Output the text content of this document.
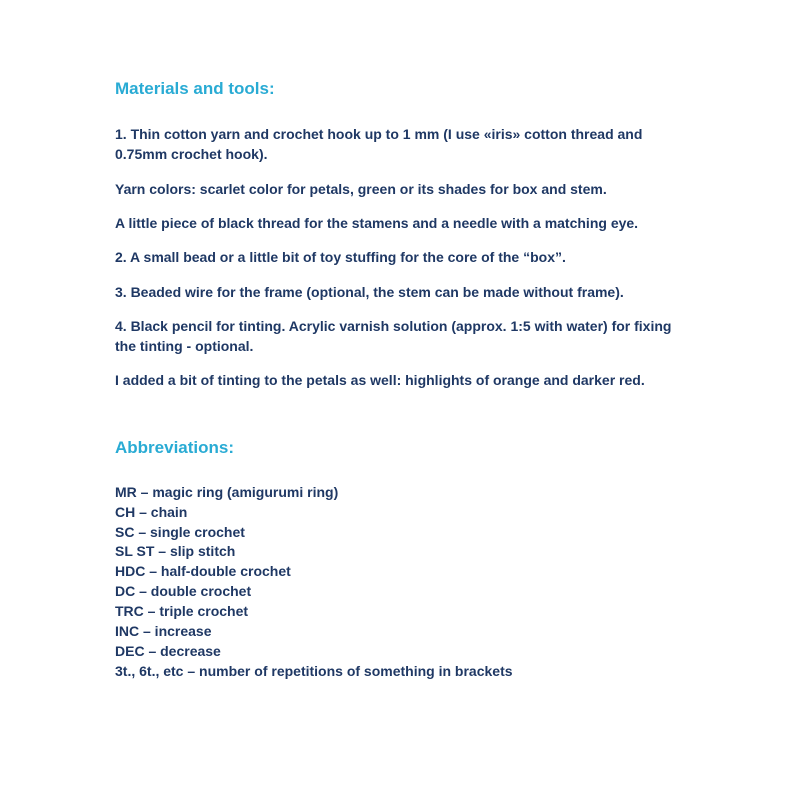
Materials and tools:

1. Thin cotton yarn and crochet hook up to 1 mm (I use «iris» cotton thread and 0.75mm crochet hook).

Yarn colors: scarlet color for petals, green or its shades for box and stem.

A little piece of black thread for the stamens and a needle with a matching eye.

2. A small bead or a little bit of toy stuffing for the core of the “box”.

3. Beaded wire for the frame (optional, the stem can be made without frame).

4. Black pencil for tinting. Acrylic varnish solution (approx. 1:5 with water) for fixing the tinting - optional.

I added a bit of tinting to the petals as well: highlights of orange and darker red.

Abbreviations:
MR – magic ring (amigurumi ring)
CH – chain
SC – single crochet
SL ST – slip stitch
HDC – half-double crochet
DC – double crochet
TRC – triple crochet
INC – increase
DEC – decrease
3t., 6t., etc – number of repetitions of something in brackets
